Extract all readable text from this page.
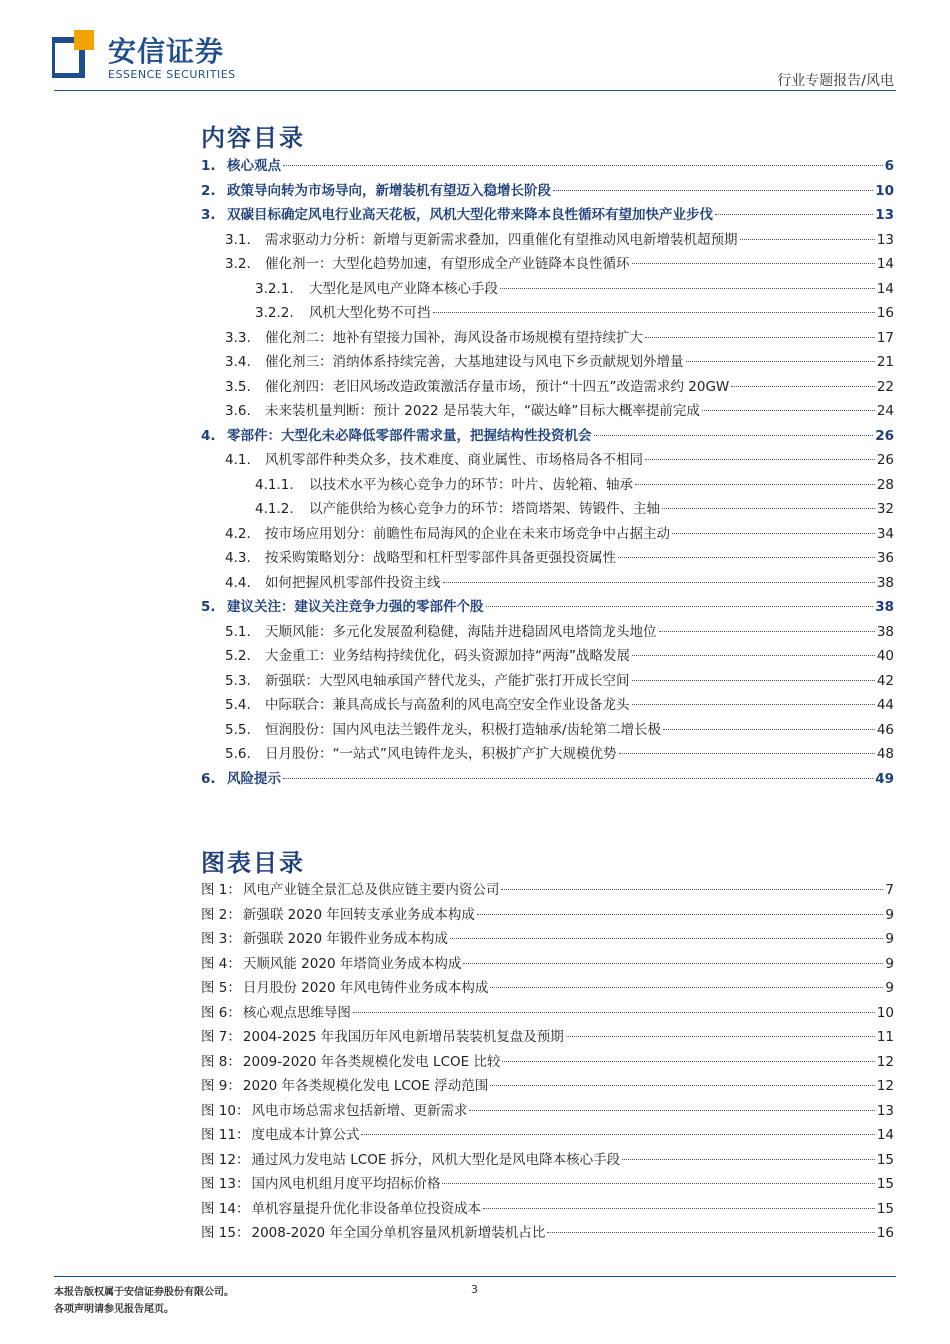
安信证券
ESSENCE SECURITIES	行业专题报告/风电
内容目录
1. 核心观点	6
2. 政策导向转为市场导向，新增装机有望迈入稳增长阶段	10
3. 双碳目标确定风电行业高天花板，风机大型化带来降本良性循环有望加快产业步伐	13
3.1.	需求驱动力分析：新增与更新需求叠加，四重催化有望推动风电新增装机超预期	13
3.2.	催化剂一：大型化趋势加速，有望形成全产业链降本良性循环	14
3.2.1.	大型化是风电产业降本核心手段	14
3.2.2.	风机大型化势不可挡	16
3.3.	催化剂二：地补有望接力国补，海风设备市场规模有望持续扩大	17
3.4.	催化剂三：消纳体系持续完善，大基地建设与风电下乡贡献规划外增量	21
3.5.	催化剂四：老旧风场改造政策激活存量市场，预计“十四五”改造需求约 20GW	22
3.6.	未来装机量判断：预计 2022 是吊装大年，“碳达峰”目标大概率提前完成	24
4. 零部件：大型化未必降低零部件需求量，把握结构性投资机会	26
4.1.	风机零部件种类众多，技术难度、商业属性、市场格局各不相同	26
4.1.1.	以技术水平为核心竞争力的环节：叶片、齿轮箱、轴承	28
4.1.2.	以产能供给为核心竞争力的环节：塔筒塔架、铸锻件、主轴	32
4.2.	按市场应用划分：前瞻性布局海风的企业在未来市场竞争中占据主动	34
4.3.	按采购策略划分：战略型和杠杆型零部件具备更强投资属性	36
4.4.	如何把握风机零部件投资主线	38
5. 建议关注：建议关注竞争力强的零部件个股	38
5.1.	天顺风能：多元化发展盈利稳健，海陆并进稳固风电塔筒龙头地位	38
5.2.	大金重工：业务结构持续优化，码头资源加持“两海”战略发展	40
5.3.	新强联：大型风电轴承国产替代龙头，产能扩张打开成长空间	42
5.4.	中际联合：兼具高成长与高盈利的风电高空安全作业设备龙头	44
5.5.	恒润股份：国内风电法兰锻件龙头，积极打造轴承/齿轮第二增长极	46
5.6.	日月股份：“一站式”风电铸件龙头，积极扩产扩大规模优势	48
6. 风险提示	49
图表目录
图 1： 风电产业链全景汇总及供应链主要内资公司	7
图 2： 新强联 2020 年回转支承业务成本构成	9
图 3： 新强联 2020 年锻件业务成本构成	9
图 4： 天顺风能 2020 年塔筒业务成本构成	9
图 5： 日月股份 2020 年风电铸件业务成本构成	9
图 6： 核心观点思维导图	10
图 7： 2004-2025 年我国历年风电新增吊装装机复盘及预期	11
图 8： 2009-2020 年各类规模化发电 LCOE 比较	12
图 9： 2020 年各类规模化发电 LCOE 浮动范围	12
图 10： 风电市场总需求包括新增、更新需求	13
图 11： 度电成本计算公式	14
图 12： 通过风力发电站 LCOE 拆分，风机大型化是风电降本核心手段	15
图 13： 国内风电机组月度平均招标价格	15
图 14： 单机容量提升优化非设备单位投资成本	15
图 15： 2008-2020 年全国分单机容量风机新增装机占比	16
本报告版权属于安信证券股份有限公司。
各项声明请参见报告尾页。
3
